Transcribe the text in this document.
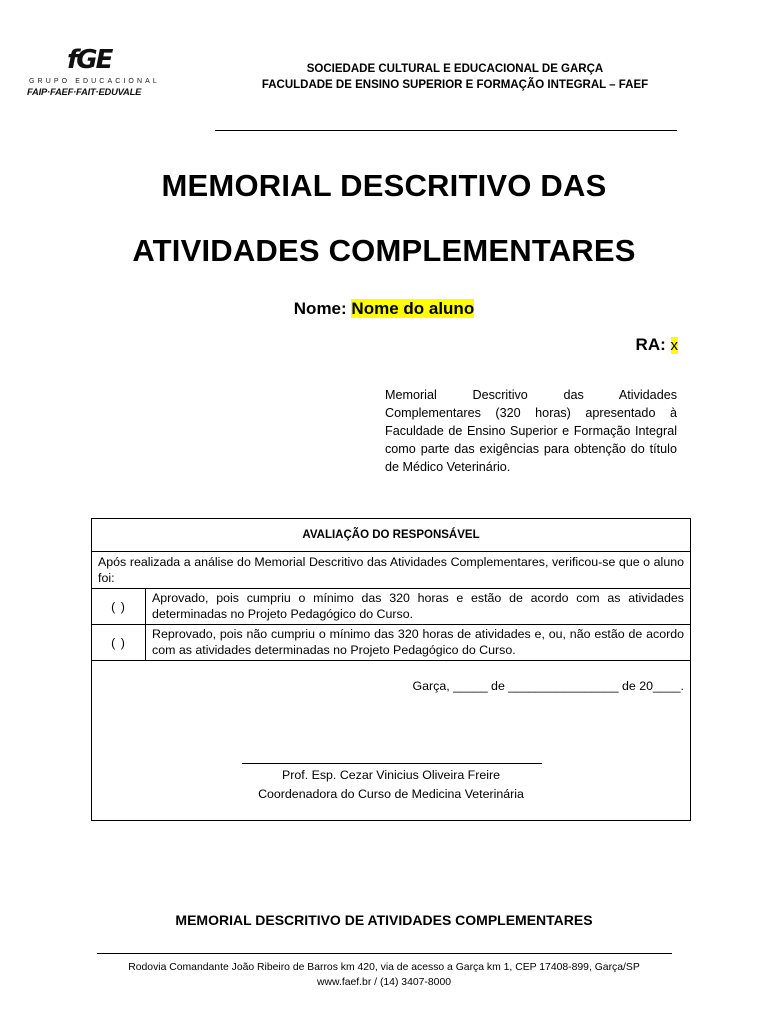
fGE
GRUPO EDUCACIONAL
FAIP·FAEF·FAIT·EDUVALE
SOCIEDADE CULTURAL E EDUCACIONAL DE GARÇA
FACULDADE DE ENSINO SUPERIOR E FORMAÇÃO INTEGRAL – FAEF
MEMORIAL DESCRITIVO DAS
ATIVIDADES COMPLEMENTARES
Nome: Nome do aluno
RA: x
Memorial Descritivo das Atividades Complementares (320 horas) apresentado à Faculdade de Ensino Superior e Formação Integral como parte das exigências para obtenção do título de Médico Veterinário.
AVALIAÇÃO DO RESPONSÁVEL
Após realizada a análise do Memorial Descritivo das Atividades Complementares, verificou-se que o aluno foi:
( )
Aprovado, pois cumpriu o mínimo das 320 horas e estão de acordo com as atividades determinadas no Projeto Pedagógico do Curso.
( )
Reprovado, pois não cumpriu o mínimo das 320 horas de atividades e, ou, não estão de acordo com as atividades determinadas no Projeto Pedagógico do Curso.
Garça, _____ de ________________ de 20____.
Prof. Esp. Cezar Vinicius Oliveira Freire
Coordenadora do Curso de Medicina Veterinária
MEMORIAL DESCRITIVO DE ATIVIDADES COMPLEMENTARES
Rodovia Comandante João Ribeiro de Barros km 420, via de acesso a Garça km 1, CEP 17408-899, Garça/SP
www.faef.br / (14) 3407-8000
